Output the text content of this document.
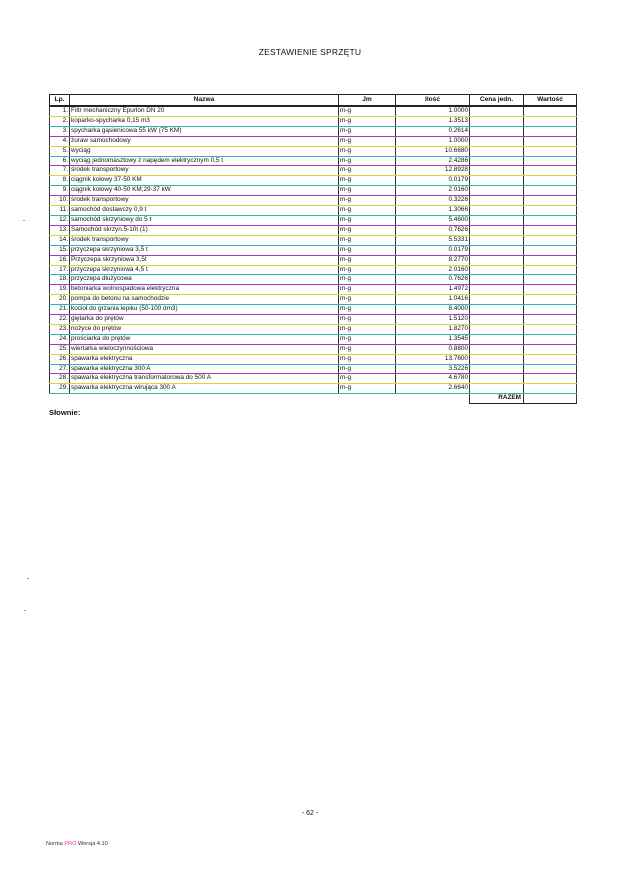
ZESTAWIENIE SPRZĘTU
Lp.	Nazwa	Jm	Ilość	Cena jedn.	Wartość
1.	Filtr mechaniczny Epurlon DN 20	m-g	1.0000		
2.	koparko-spycharka 0,15 m3	m-g	1.3513		
3.	spycharka gąsienicowa 55 kW (75 KM)	m-g	0.2614		
4.	żuraw samochodowy	m-g	1.0000		
5.	wyciąg	m-g	10.6680		
6.	wyciąg jednomasztowy z napędem elektrycznym 0,5 t	m-g	2.4286		
7.	środek transportowy	m-g	12.8928		
8.	ciągnik kołowy 37-50 KM	m-g	0.0179		
9.	ciągnik kołowy 40-50 KM;29-37 kW	m-g	2.0160		
10.	środek transportowy	m-g	0.3226		
11.	samochód dostawczy 0,9 t	m-g	1.3066		
12.	samochód skrzyniowy do 5 t	m-g	5.4600		
13.	Samochód skrzyn.5-10t (1)	m-g	0.7626		
14.	środek transportowy	m-g	5.5331		
15.	przyczepa skrzyniowa 3,5 t	m-g	0.0179		
16.	Przyczepa skrzyniowa 3,5t	m-g	8.2770		
17.	przyczepa skrzyniowa 4,5 t	m-g	2.0160		
18.	przyczepa dłużycowa	m-g	0.7626		
19.	betoniarka wolnospadowa elektryczna	m-g	1.4972		
20.	pompa do betonu na samochodzie	m-g	1.0416		
21.	kocioł do grzania lepiku (50-100 dm3)	m-g	8.4000		
22.	giętarka do prętów	m-g	1.5120		
23.	nożyce do prętów	m-g	1.8270		
24.	prościarka do prętów	m-g	1.3545		
25.	wiertarka wieloczynnościowa	m-g	0.8800		
26.	spawarka elektryczna	m-g	13.7600		
27.	spawarka elektryczna 300 A	m-g	3.5226		
28.	spawarka elektryczna transformatorowa do 500 A	m-g	4.6780		
29.	spawarka elektryczna wirująca 300 A	m-g	2.6640		
				RAZEM	
Słownie:
- 62 -
Norma PRO Wersja 4.10
